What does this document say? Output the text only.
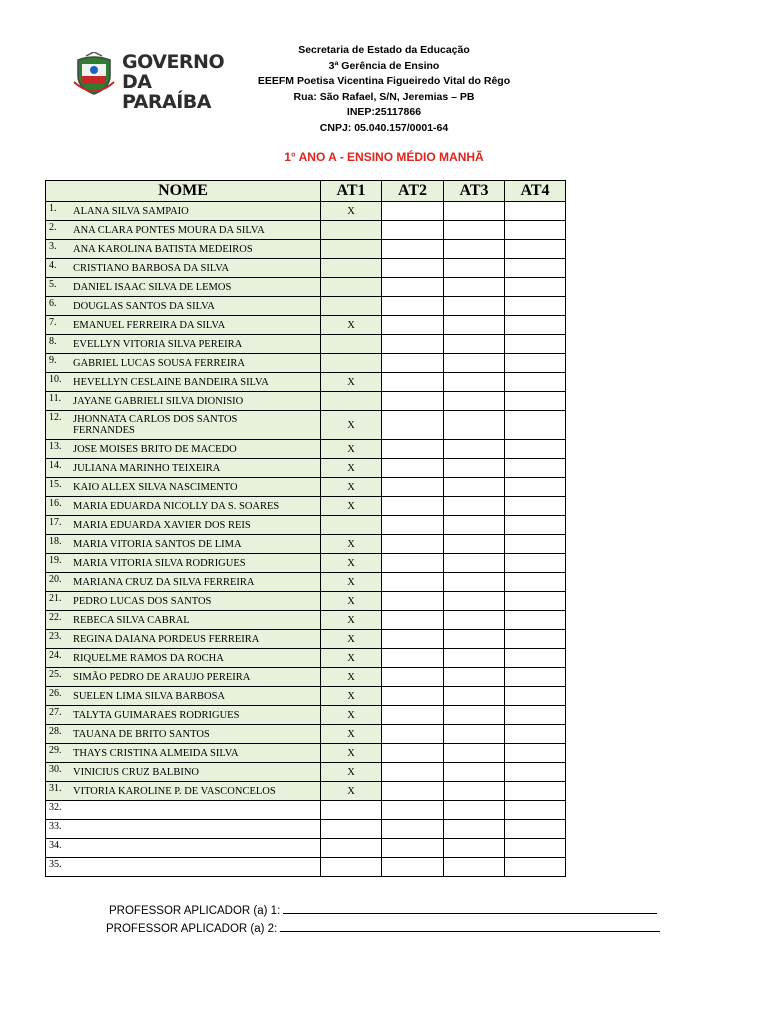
GOVERNO
DA PARAÍBA
Secretaria de Estado da Educação
3ª Gerência de Ensino
EEEFM Poetisa Vicentina Figueiredo Vital do Rêgo
Rua: São Rafael, S/N, Jeremias – PB
INEP:25117866
CNPJ: 05.040.157/0001-64
1° ANO A - ENSINO MÉDIO MANHÃ
NOME	AT1	AT2	AT3	AT4

1. ALANA SILVA SAMPAIO	X			

2. ANA CLARA PONTES MOURA DA SILVA				

3. ANA KAROLINA BATISTA MEDEIROS				

4. CRISTIANO BARBOSA DA SILVA				

5. DANIEL ISAAC SILVA DE LEMOS				

6. DOUGLAS SANTOS DA SILVA				

7. EMANUEL FERREIRA DA SILVA	X			

8. EVELLYN VITORIA SILVA PEREIRA				

9. GABRIEL LUCAS SOUSA FERREIRA				

10. HEVELLYN CESLAINE BANDEIRA SILVA	X			

11. JAYANE GABRIELI SILVA DIONISIO				

12. JHONNATA CARLOS DOS SANTOS FERNANDES	X			

13. JOSE MOISES BRITO DE MACEDO	X			

14. JULIANA MARINHO TEIXEIRA	X			

15. KAIO ALLEX SILVA NASCIMENTO	X			

16. MARIA EDUARDA NICOLLY DA S. SOARES	X			

17. MARIA EDUARDA XAVIER DOS REIS				

18. MARIA VITORIA SANTOS DE LIMA	X			

19. MARIA VITORIA SILVA RODRIGUES	X			

20. MARIANA CRUZ DA SILVA FERREIRA	X			

21. PEDRO LUCAS DOS SANTOS	X			

22. REBECA SILVA CABRAL	X			

23. REGINA DAIANA PORDEUS FERREIRA	X			

24. RIQUELME RAMOS DA ROCHA	X			

25. SIMÃO PEDRO DE ARAUJO PEREIRA	X			

26. SUELEN LIMA SILVA BARBOSA	X			

27. TALYTA GUIMARAES RODRIGUES	X			

28. TAUANA DE BRITO SANTOS	X			

29. THAYS CRISTINA ALMEIDA SILVA	X			

30. VINICIUS CRUZ BALBINO	X			

31. VITORIA KAROLINE P. DE VASCONCELOS	X			

32.				

33.				

34.				

35.				

PROFESSOR APLICADOR (a) 1:
PROFESSOR APLICADOR (a) 2:
